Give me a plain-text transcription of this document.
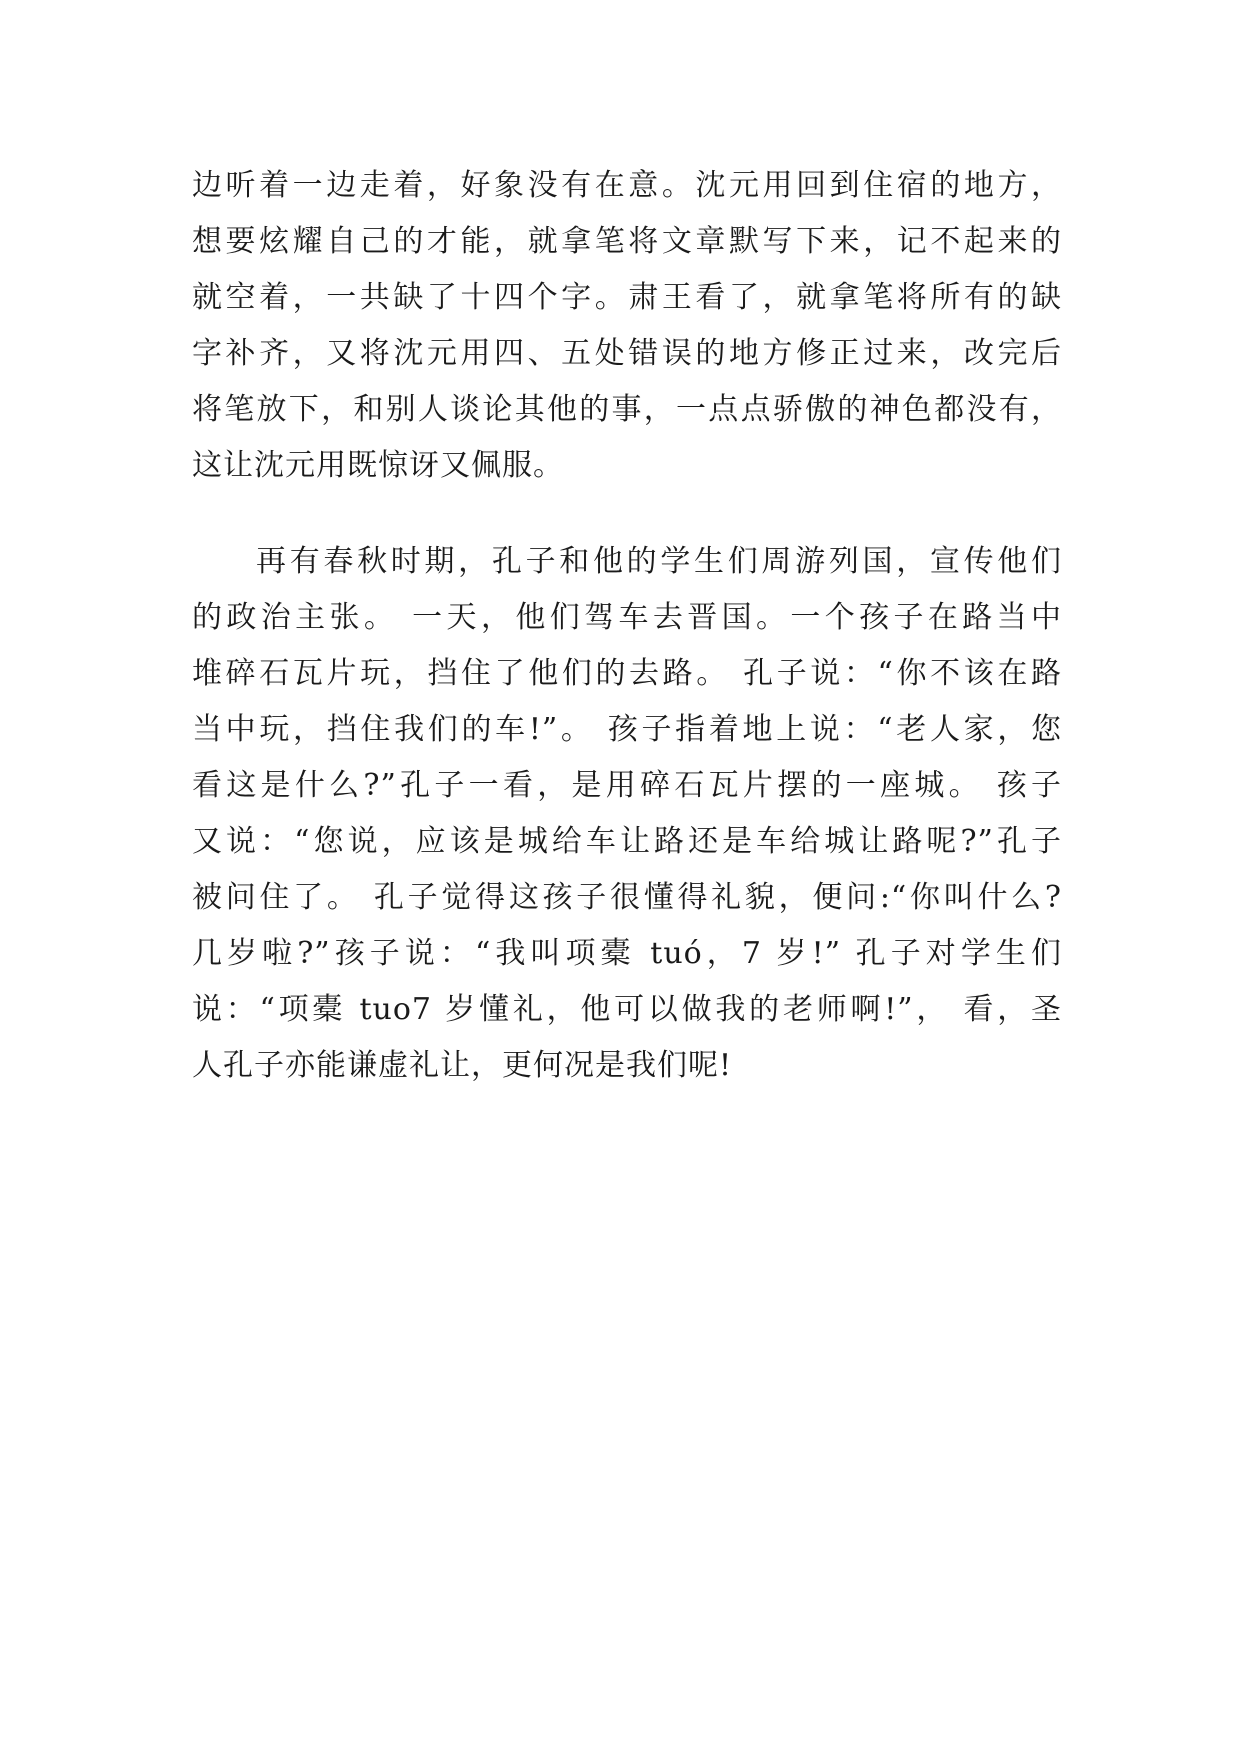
边听着一边走着，好象没有在意。沈元用回到住宿的地方，
想要炫耀自己的才能，就拿笔将文章默写下来，记不起来的
就空着，一共缺了十四个字。肃王看了，就拿笔将所有的缺
字补齐，又将沈元用四、五处错误的地方修正过来，改完后
将笔放下，和别人谈论其他的事，一点点骄傲的神色都没有，
这让沈元用既惊讶又佩服。
再有春秋时期，孔子和他的学生们周游列国，宣传他们
的政治主张。 一天，他们驾车去晋国。一个孩子在路当中
堆碎石瓦片玩，挡住了他们的去路。 孔子说：“你不该在路
当中玩，挡住我们的车!”。 孩子指着地上说：“老人家，您
看这是什么?”孔子一看，是用碎石瓦片摆的一座城。 孩子
又说：“您说，应该是城给车让路还是车给城让路呢?”孔子
被问住了。 孔子觉得这孩子很懂得礼貌，便问:“你叫什么?
几岁啦?”孩子说：“我叫项橐 tuó，7 岁!” 孔子对学生们
说：“项橐 tuo7 岁懂礼，他可以做我的老师啊!”， 看，圣
人孔子亦能谦虚礼让，更何况是我们呢!
